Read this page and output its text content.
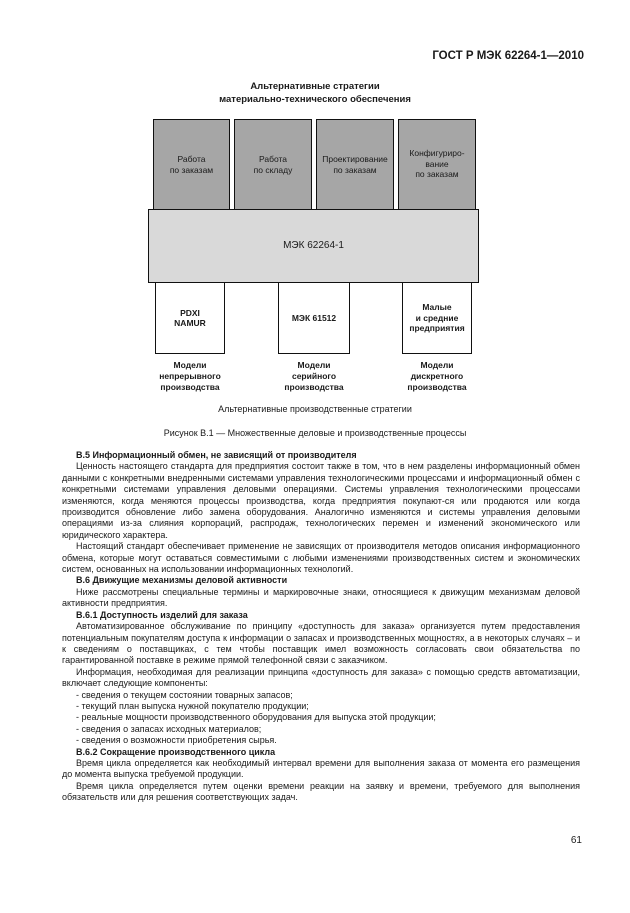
ГОСТ Р МЭК 62264-1—2010
Альтернативные стратегии
материально-технического обеспечения
Работа
по заказам
Работа
по складу
Проектирование
по заказам
Конфигуриро-
вание
по заказам
МЭК 62264-1
PDXI
NAMUR
МЭК 61512
Малые
и средние
предприятия
Модели
непрерывного
производства
Модели
серийного
производства
Модели
дискретного
производства
Альтернативные производственные стратегии
Рисунок В.1 — Множественные деловые и производственные процессы

В.5 Информационный обмен, не зависящий от производителя

Ценность настоящего стандарта для предприятия состоит также в том, что в нем разделены информационный обмен данными с конкретными внедренными системами управления технологическими процессами и информационный обмен с конкретными системами управления деловыми операциями. Системы управления технологическими процессами изменяются, когда меняются процессы производства, когда предприятия покупают-ся или продаются или когда производится обновление либо замена оборудования. Аналогично изменяются и системы управления деловыми операциями из-за слияния корпораций, распродаж, технологических перемен и изменений экономического или юридического характера.

Настоящий стандарт обеспечивает применение не зависящих от производителя методов описания информационного обмена, которые могут оставаться совместимыми с любыми изменениями производственных систем и экономических систем, основанных на использовании информационных технологий.

В.6 Движущие механизмы деловой активности

Ниже рассмотрены специальные термины и маркировочные знаки, относящиеся к движущим механизмам деловой активности предприятия.

В.6.1 Доступность изделий для заказа

Автоматизированное обслуживание по принципу «доступность для заказа» организуется путем предоставления потенциальным покупателям доступа к информации о запасах и производственных мощностях, а в некоторых случаях – и к сведениям о поставщиках, с тем чтобы поставщик имел возможность согласовать свои обязательства по гарантированной поставке в режиме прямой телефонной связи с заказчиком.

Информация, необходимая для реализации принципа «доступность для заказа» с помощью средств автоматизации, включает следующие компоненты:

- сведения о текущем состоянии товарных запасов;

- текущий план выпуска нужной покупателю продукции;

- реальные мощности производственного оборудования для выпуска этой продукции;

- сведения о запасах исходных материалов;

- сведения о возможности приобретения сырья.

В.6.2 Сокращение производственного цикла

Время цикла определяется как необходимый интервал времени для выполнения заказа от момента его размещения до момента выпуска требуемой продукции.

Время цикла определяется путем оценки времени реакции на заявку и времени, требуемого для выполнения обязательств или для решения соответствующих задач.

61
